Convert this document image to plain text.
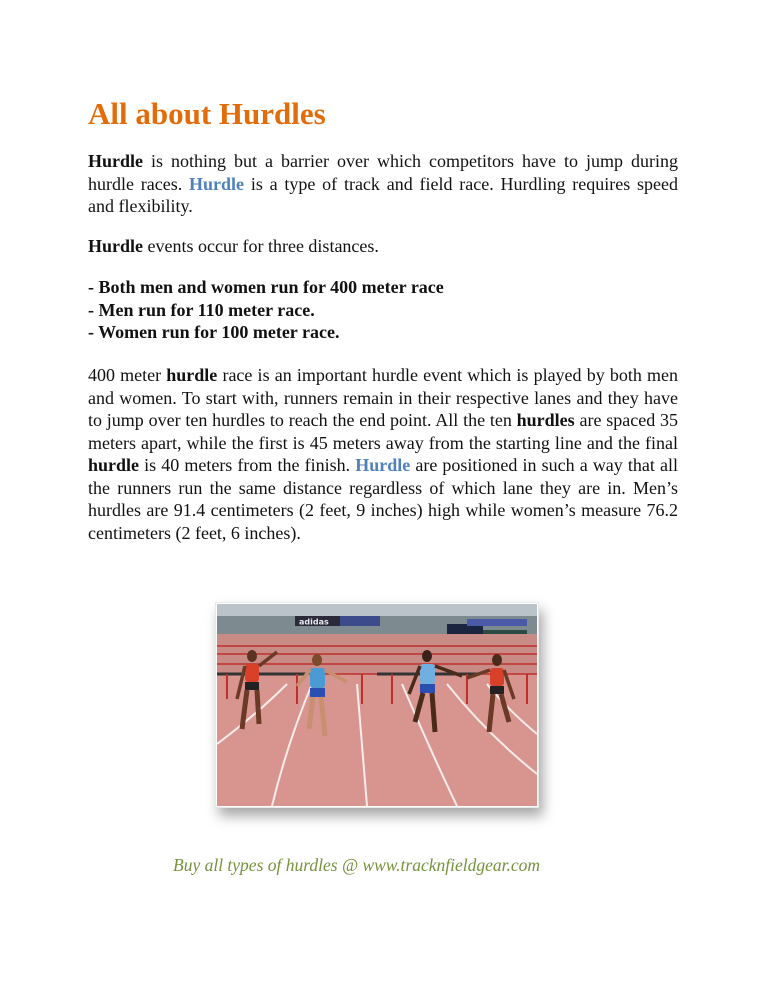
All about Hurdles

Hurdle is nothing but a barrier over which competitors have to jump during hurdle races. Hurdle is a type of track and field race. Hurdling requires speed and flexibility.

Hurdle events occur for three distances.

- Both men and women run for 400 meter race
- Men run for 110 meter race.
- Women run for 100 meter race.

400 meter hurdle race is an important hurdle event which is played by both men and women. To start with, runners remain in their respective lanes and they have to jump over ten hurdles to reach the end point. All the ten hurdles are spaced 35 meters apart, while the first is 45 meters away from the starting line and the final hurdle is 40 meters from the finish. Hurdle are positioned in such a way that all the runners run the same distance regardless of which lane they are in. Men’s hurdles are 91.4 centimeters (2 feet, 9 inches) high while women’s measure 76.2 centimeters (2 feet, 6 inches).

adidas

Buy all types of hurdles @ www.tracknfieldgear.com
